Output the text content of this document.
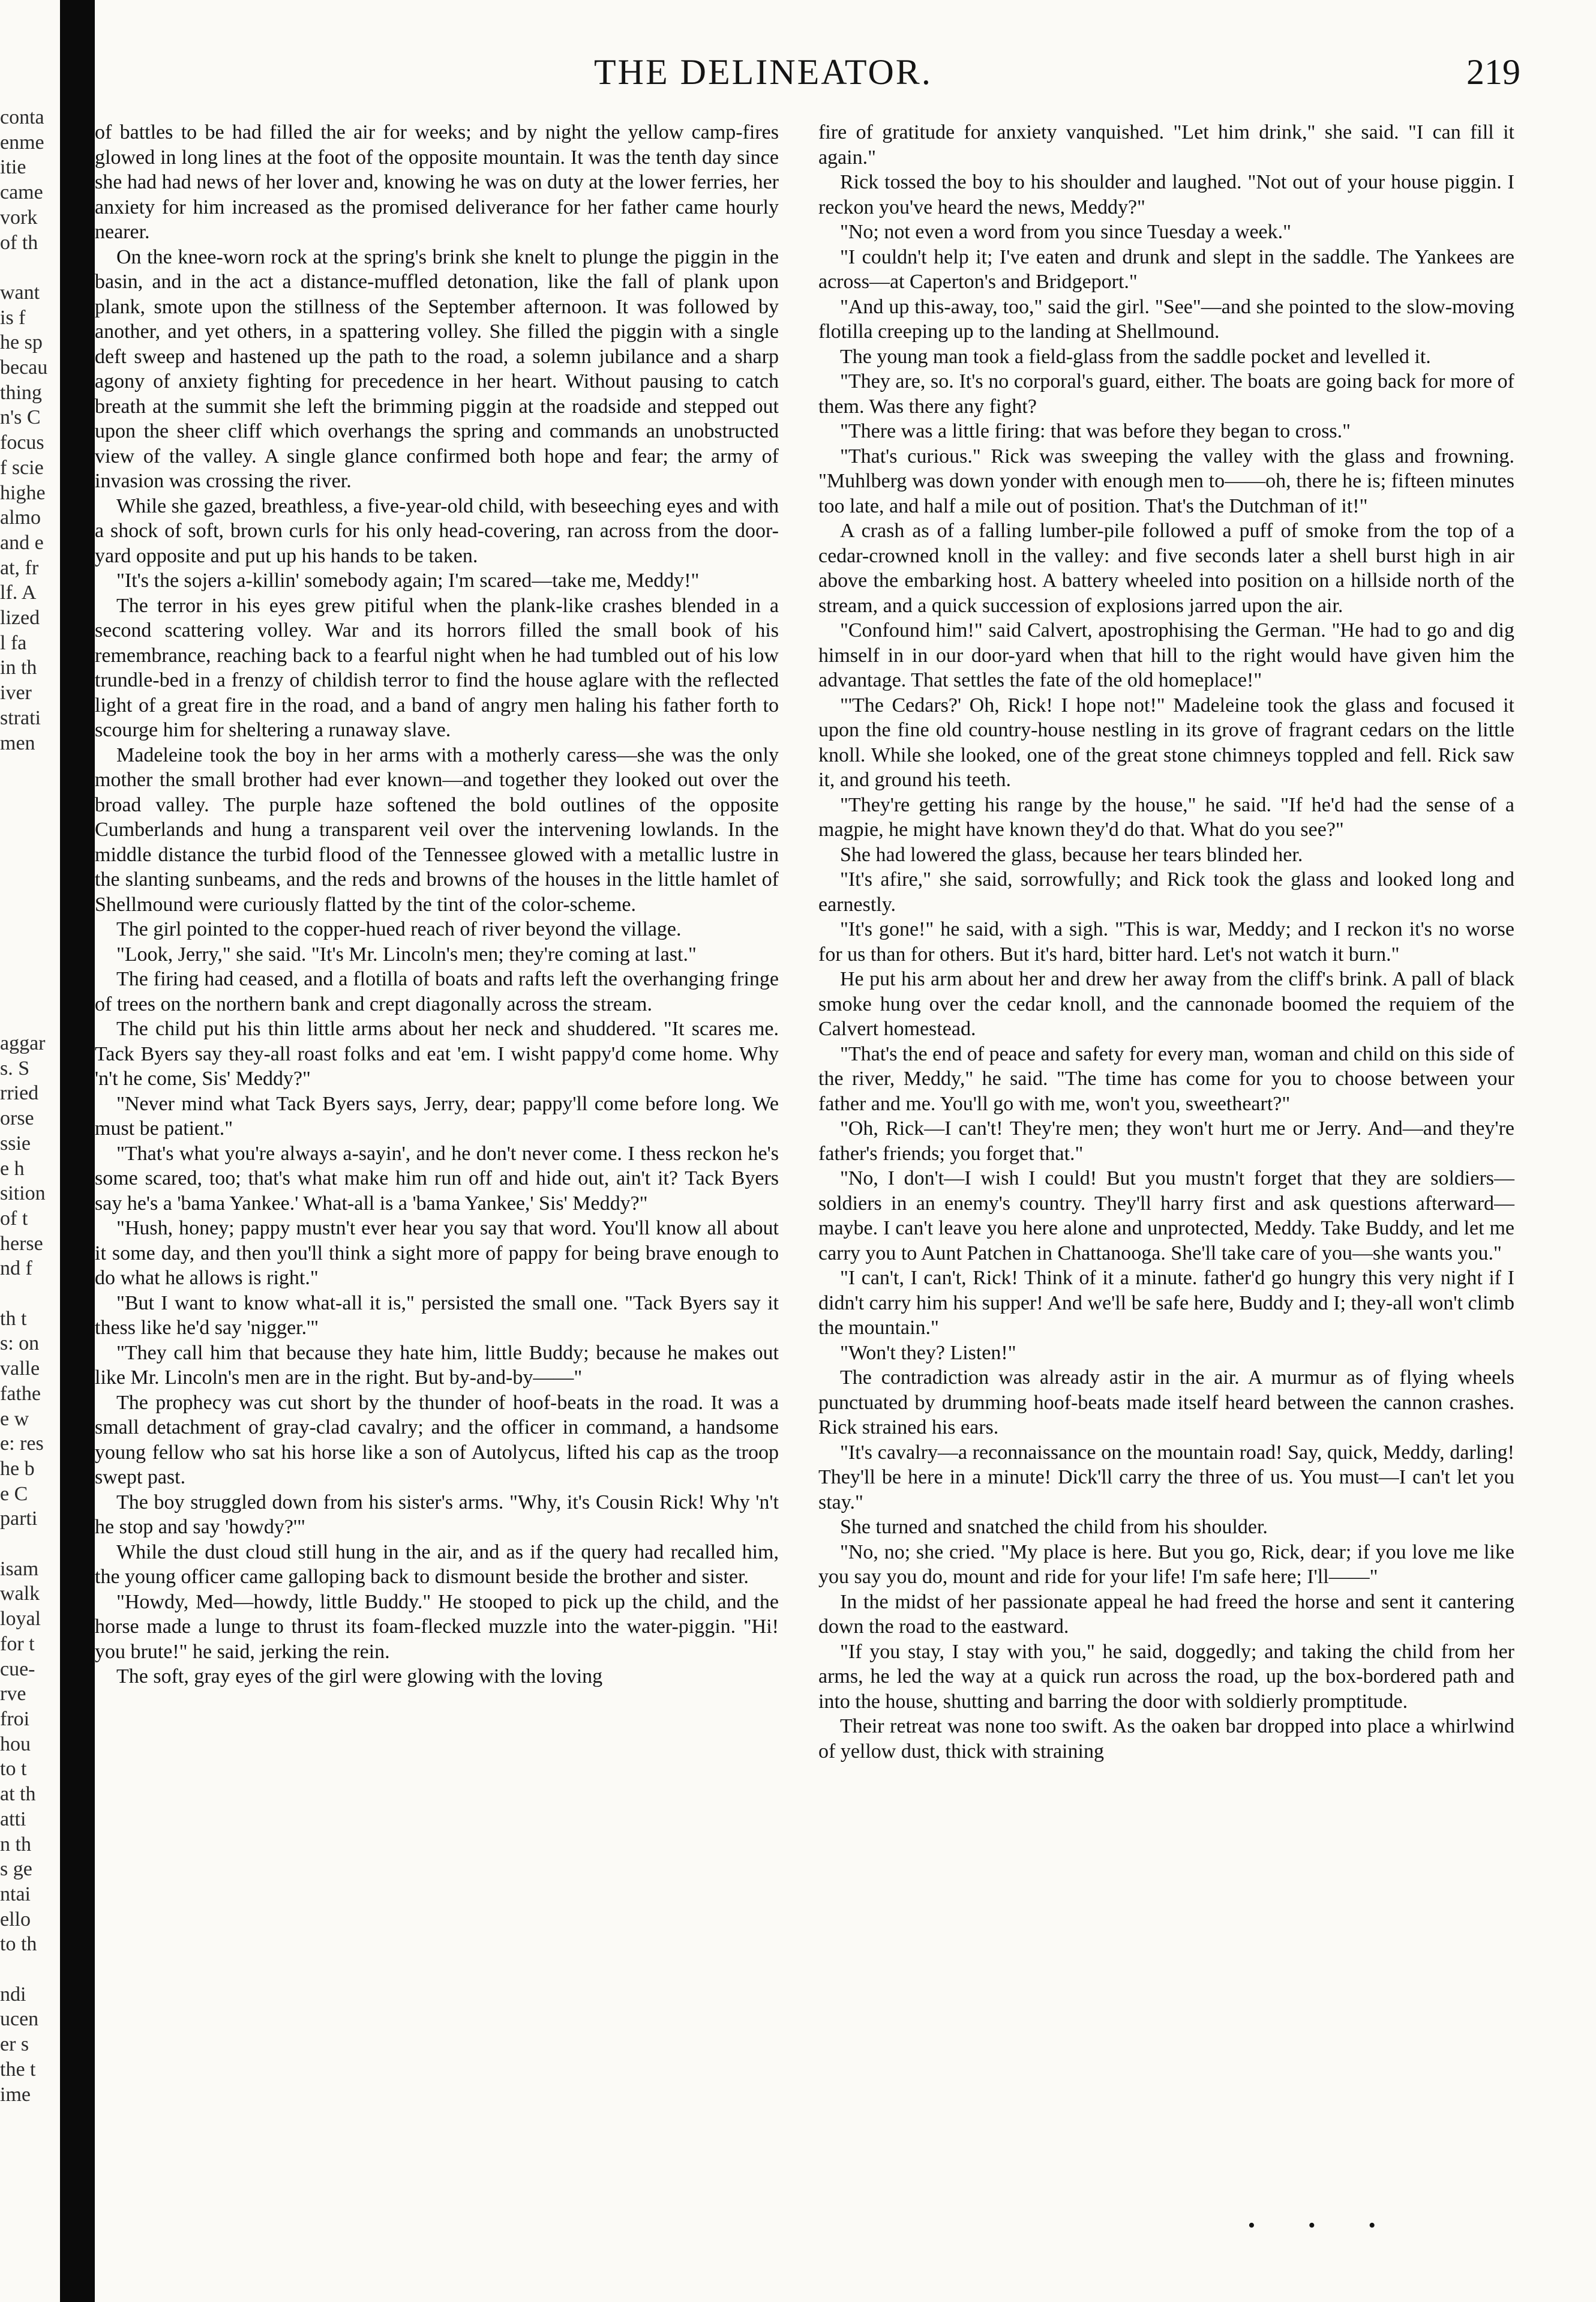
conta

enme

itie

came

vork

of th

want

is f

he sp

becau

thing

n's C

focus

f scie

highe

almo

and e

at, fr

lf. A

lized

l fa

in th

iver

strati

men

aggar

s. S

rried

orse

ssie

e h

sition

of t

herse

nd f

th t

s: on

valle

fathe

e w

e: res

he b

e C

parti

isam

walk

loyal

for t

cue-

rve

froi

hou

to t

at th

atti

n th

s ge

ntai

ello

to th

ndi

ucen

er s

the t

ime

THE DELINEATOR.	219

of battles to be had filled the air for weeks; and by night the yellow camp-fires glowed in long lines at the foot of the opposite mountain. It was the tenth day since she had had news of her lover and, knowing he was on duty at the lower ferries, her anxiety for him increased as the promised deliverance for her father came hourly nearer.

On the knee-worn rock at the spring's brink she knelt to plunge the piggin in the basin, and in the act a distance-muffled detonation, like the fall of plank upon plank, smote upon the stillness of the September afternoon. It was followed by another, and yet others, in a spattering volley. She filled the piggin with a single deft sweep and hastened up the path to the road, a solemn jubilance and a sharp agony of anxiety fighting for precedence in her heart. Without pausing to catch breath at the summit she left the brimming piggin at the roadside and stepped out upon the sheer cliff which overhangs the spring and commands an unobstructed view of the valley. A single glance confirmed both hope and fear; the army of invasion was crossing the river.

While she gazed, breathless, a five-year-old child, with beseeching eyes and with a shock of soft, brown curls for his only head-covering, ran across from the door-yard opposite and put up his hands to be taken.

"It's the sojers a-killin' somebody again; I'm scared—take me, Meddy!"

The terror in his eyes grew pitiful when the plank-like crashes blended in a second scattering volley. War and its horrors filled the small book of his remembrance, reaching back to a fearful night when he had tumbled out of his low trundle-bed in a frenzy of childish terror to find the house aglare with the reflected light of a great fire in the road, and a band of angry men haling his father forth to scourge him for sheltering a runaway slave.

Madeleine took the boy in her arms with a motherly caress—she was the only mother the small brother had ever known—and together they looked out over the broad valley. The purple haze softened the bold outlines of the opposite Cumberlands and hung a transparent veil over the intervening lowlands. In the middle distance the turbid flood of the Tennessee glowed with a metallic lustre in the slanting sunbeams, and the reds and browns of the houses in the little hamlet of Shellmound were curiously flatted by the tint of the color-scheme.

The girl pointed to the copper-hued reach of river beyond the village.

"Look, Jerry," she said. "It's Mr. Lincoln's men; they're coming at last."

The firing had ceased, and a flotilla of boats and rafts left the overhanging fringe of trees on the northern bank and crept diagonally across the stream.

The child put his thin little arms about her neck and shuddered. "It scares me. Tack Byers say they-all roast folks and eat 'em. I wisht pappy'd come home. Why 'n't he come, Sis' Meddy?"

"Never mind what Tack Byers says, Jerry, dear; pappy'll come before long. We must be patient."

"That's what you're always a-sayin', and he don't never come. I thess reckon he's some scared, too; that's what make him run off and hide out, ain't it? Tack Byers say he's a 'bama Yankee.' What-all is a 'bama Yankee,' Sis' Meddy?"

"Hush, honey; pappy mustn't ever hear you say that word. You'll know all about it some day, and then you'll think a sight more of pappy for being brave enough to do what he allows is right."

"But I want to know what-all it is," persisted the small one. "Tack Byers say it thess like he'd say 'nigger.'"

"They call him that because they hate him, little Buddy; because he makes out like Mr. Lincoln's men are in the right. But by-and-by——"

The prophecy was cut short by the thunder of hoof-beats in the road. It was a small detachment of gray-clad cavalry; and the officer in command, a handsome young fellow who sat his horse like a son of Autolycus, lifted his cap as the troop swept past.

The boy struggled down from his sister's arms. "Why, it's Cousin Rick! Why 'n't he stop and say 'howdy?'"

While the dust cloud still hung in the air, and as if the query had recalled him, the young officer came galloping back to dismount beside the brother and sister.

"Howdy, Med—howdy, little Buddy." He stooped to pick up the child, and the horse made a lunge to thrust its foam-flecked muzzle into the water-piggin. "Hi! you brute!" he said, jerking the rein.

The soft, gray eyes of the girl were glowing with the loving

fire of gratitude for anxiety vanquished. "Let him drink," she said. "I can fill it again."

Rick tossed the boy to his shoulder and laughed. "Not out of your house piggin. I reckon you've heard the news, Meddy?"

"No; not even a word from you since Tuesday a week."

"I couldn't help it; I've eaten and drunk and slept in the saddle. The Yankees are across—at Caperton's and Bridgeport."

"And up this-away, too," said the girl. "See"—and she pointed to the slow-moving flotilla creeping up to the landing at Shellmound.

The young man took a field-glass from the saddle pocket and levelled it.

"They are, so. It's no corporal's guard, either. The boats are going back for more of them. Was there any fight?

"There was a little firing: that was before they began to cross."

"That's curious." Rick was sweeping the valley with the glass and frowning. "Muhlberg was down yonder with enough men to——oh, there he is; fifteen minutes too late, and half a mile out of position. That's the Dutchman of it!"

A crash as of a falling lumber-pile followed a puff of smoke from the top of a cedar-crowned knoll in the valley: and five seconds later a shell burst high in air above the embarking host. A battery wheeled into position on a hillside north of the stream, and a quick succession of explosions jarred upon the air.

"Confound him!" said Calvert, apostrophising the German. "He had to go and dig himself in in our door-yard when that hill to the right would have given him the advantage. That settles the fate of the old homeplace!"

"'The Cedars?' Oh, Rick! I hope not!" Madeleine took the glass and focused it upon the fine old country-house nestling in its grove of fragrant cedars on the little knoll. While she looked, one of the great stone chimneys toppled and fell. Rick saw it, and ground his teeth.

"They're getting his range by the house," he said. "If he'd had the sense of a magpie, he might have known they'd do that. What do you see?"

She had lowered the glass, because her tears blinded her.

"It's afire," she said, sorrowfully; and Rick took the glass and looked long and earnestly.

"It's gone!" he said, with a sigh. "This is war, Meddy; and I reckon it's no worse for us than for others. But it's hard, bitter hard. Let's not watch it burn."

He put his arm about her and drew her away from the cliff's brink. A pall of black smoke hung over the cedar knoll, and the cannonade boomed the requiem of the Calvert homestead.

"That's the end of peace and safety for every man, woman and child on this side of the river, Meddy," he said. "The time has come for you to choose between your father and me. You'll go with me, won't you, sweetheart?"

"Oh, Rick—I can't! They're men; they won't hurt me or Jerry. And—and they're father's friends; you forget that."

"No, I don't—I wish I could! But you mustn't forget that they are soldiers—soldiers in an enemy's country. They'll harry first and ask questions afterward—maybe. I can't leave you here alone and unprotected, Meddy. Take Buddy, and let me carry you to Aunt Patchen in Chattanooga. She'll take care of you—she wants you."

"I can't, I can't, Rick! Think of it a minute. father'd go hungry this very night if I didn't carry him his supper! And we'll be safe here, Buddy and I; they-all won't climb the mountain."

"Won't they? Listen!"

The contradiction was already astir in the air. A murmur as of flying wheels punctuated by drumming hoof-beats made itself heard between the cannon crashes. Rick strained his ears.

"It's cavalry—a reconnaissance on the mountain road! Say, quick, Meddy, darling! They'll be here in a minute! Dick'll carry the three of us. You must—I can't let you stay."

She turned and snatched the child from his shoulder.

"No, no; she cried. "My place is here. But you go, Rick, dear; if you love me like you say you do, mount and ride for your life! I'm safe here; I'll——"

In the midst of her passionate appeal he had freed the horse and sent it cantering down the road to the eastward.

"If you stay, I stay with you," he said, doggedly; and taking the child from her arms, he led the way at a quick run across the road, up the box-bordered path and into the house, shutting and barring the door with soldierly promptitude.

Their retreat was none too swift. As the oaken bar dropped into place a whirlwind of yellow dust, thick with straining

• • •
